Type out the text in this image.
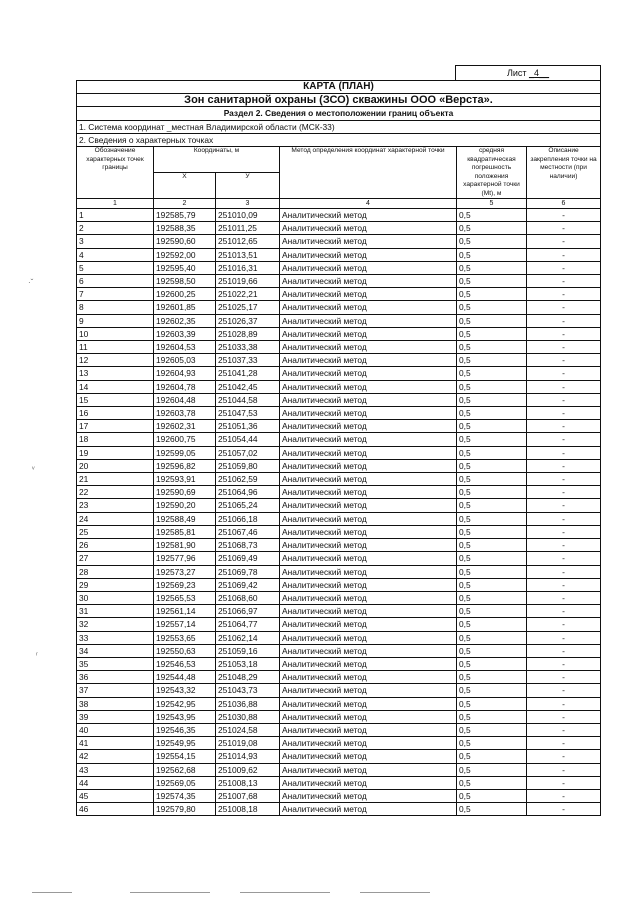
Лист _4__
КАРТА (ПЛАН)					
Зон санитарной охраны (ЗСО) скважины ООО «Верста».					
Раздел 2. Сведения о местоположении границ объекта					
1. Система координат _местная Владимирской области (МСК-33)					
2. Сведения о характерных точках					
Обозначение характерных точек границы	Координаты, м		Метод определения координат характерной точки	средняя квадратическая погрешность положения характерной точки (Mt), м	Описание закрепления точки на местности (при наличии)
	Х	У			
1	2	3	4	5	6
1	192585,79	251010,09	Аналитический метод	0,5	-
2	192588,35	251011,25	Аналитический метод	0,5	-
3	192590,60	251012,65	Аналитический метод	0,5	-
4	192592,00	251013,51	Аналитический метод	0,5	-
5	192595,40	251016,31	Аналитический метод	0,5	-
6	192598,50	251019,66	Аналитический метод	0,5	-
7	192600,25	251022,21	Аналитический метод	0,5	-
8	192601,85	251025,17	Аналитический метод	0,5	-
9	192602,35	251026,37	Аналитический метод	0,5	-
10	192603,39	251028,89	Аналитический метод	0,5	-
11	192604,53	251033,38	Аналитический метод	0,5	-
12	192605,03	251037,33	Аналитический метод	0,5	-
13	192604,93	251041,28	Аналитический метод	0,5	-
14	192604,78	251042,45	Аналитический метод	0,5	-
15	192604,48	251044,58	Аналитический метод	0,5	-
16	192603,78	251047,53	Аналитический метод	0,5	-
17	192602,31	251051,36	Аналитический метод	0,5	-
18	192600,75	251054,44	Аналитический метод	0,5	-
19	192599,05	251057,02	Аналитический метод	0,5	-
20	192596,82	251059,80	Аналитический метод	0,5	-
21	192593,91	251062,59	Аналитический метод	0,5	-
22	192590,69	251064,96	Аналитический метод	0,5	-
23	192590,20	251065,24	Аналитический метод	0,5	-
24	192588,49	251066,18	Аналитический метод	0,5	-
25	192585,81	251067,46	Аналитический метод	0,5	-
26	192581,90	251068,73	Аналитический метод	0,5	-
27	192577,96	251069,49	Аналитический метод	0,5	-
28	192573,27	251069,78	Аналитический метод	0,5	-
29	192569,23	251069,42	Аналитический метод	0,5	-
30	192565,53	251068,60	Аналитический метод	0,5	-
31	192561,14	251066,97	Аналитический метод	0,5	-
32	192557,14	251064,77	Аналитический метод	0,5	-
33	192553,65	251062,14	Аналитический метод	0,5	-
34	192550,63	251059,16	Аналитический метод	0,5	-
35	192546,53	251053,18	Аналитический метод	0,5	-
36	192544,48	251048,29	Аналитический метод	0,5	-
37	192543,32	251043,73	Аналитический метод	0,5	-
38	192542,95	251036,88	Аналитический метод	0,5	-
39	192543,95	251030,88	Аналитический метод	0,5	-
40	192546,35	251024,58	Аналитический метод	0,5	-
41	192549,95	251019,08	Аналитический метод	0,5	-
42	192554,15	251014,93	Аналитический метод	0,5	-
43	192562,68	251009,62	Аналитический метод	0,5	-
44	192569,05	251008,13	Аналитический метод	0,5	-
45	192574,35	251007,68	Аналитический метод	0,5	-
46	192579,80	251008,18	Аналитический метод	0,5	-
·ˇ
ᵥ
ᵣ
